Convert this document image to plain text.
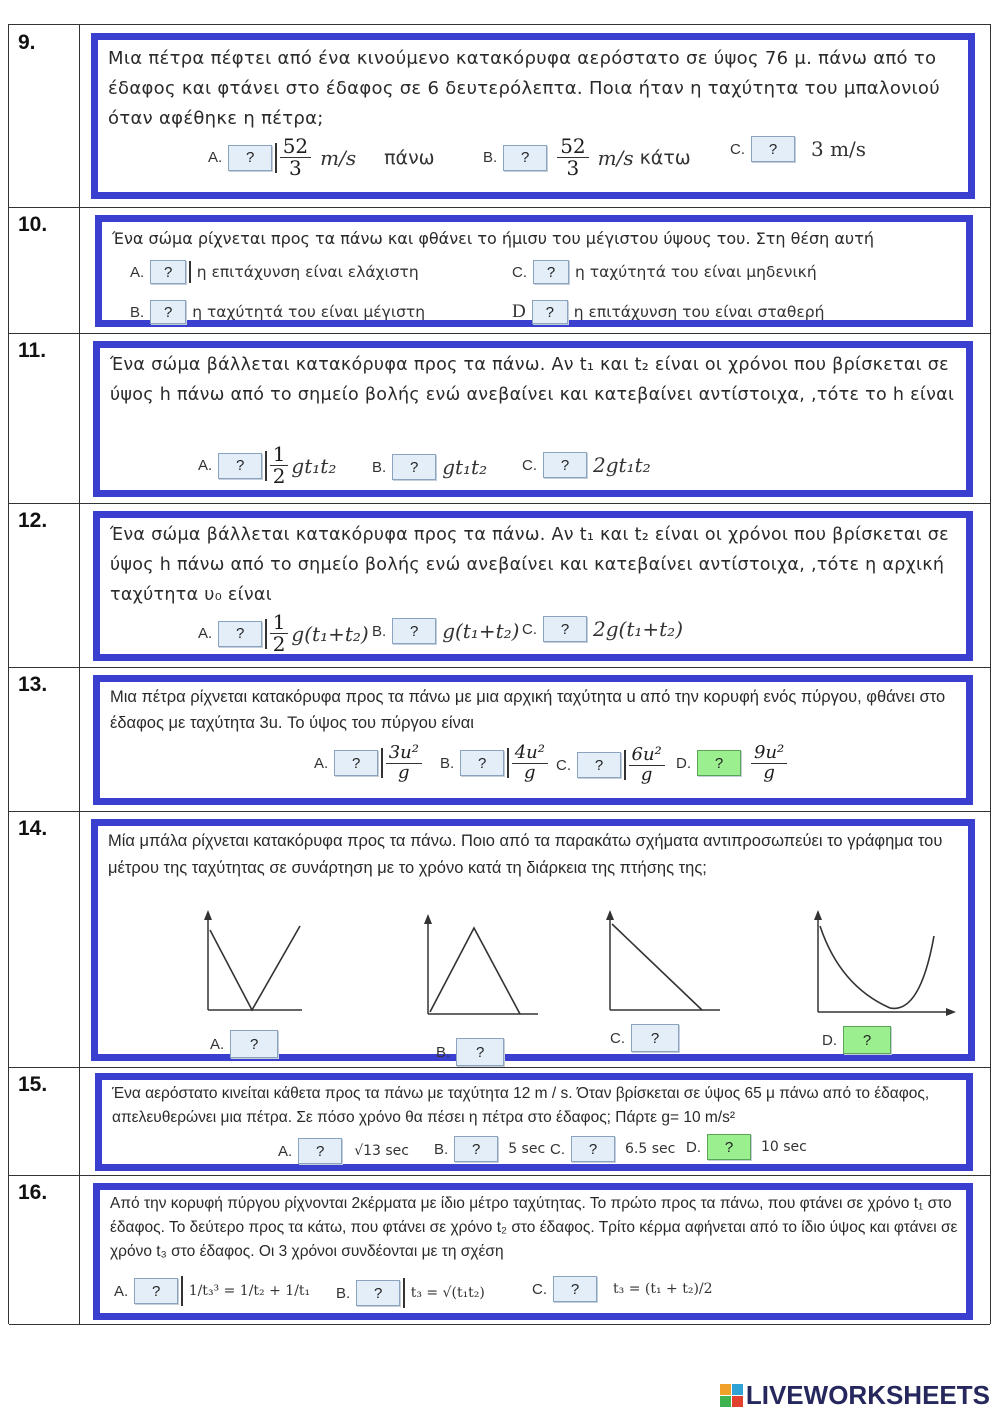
9.

Μια πέτρα πέφτει από ένα κινούμενο κατακόρυφα αερόστατο σε ύψος 76 μ. πάνω από το έδαφος και φτάνει στο έδαφος σε 6 δευτερόλεπτα. Ποια ήταν η ταχύτητα του μπαλονιού όταν αφέθηκε η πέτρα;

A.	?	$\frac{52}{3} m/s$ πάνω	B.	?	$\frac{52}{3} m/s$ κάτω	C.	?	3 m/s
10.

Ένα σώμα ρίχνεται προς τα πάνω και φθάνει το ήμισυ του μέγιστου ύψους του. Στη θέση αυτή

A.	?	η επιτάχυνση είναι ελάχιστη	C.	?	η ταχύτητά του είναι μηδενική
B.	?	η ταχύτητά του είναι μέγιστη	D	?	η επιτάχυνση του είναι σταθερή
11.

Ένα σώμα βάλλεται κατακόρυφα προς τα πάνω. Αν t₁ και t₂ είναι οι χρόνοι που βρίσκεται σε ύψος h πάνω από το σημείο βολής ενώ ανεβαίνει και κατεβαίνει αντίστοιχα, ,τότε το h είναι

A.	?	$\frac{1}{2} gt_1t_2$ B.	?	gt₁t₂ C.	?	2gt₁t₂
12.

Ένα σώμα βάλλεται κατακόρυφα προς τα πάνω. Αν t₁ και t₂ είναι οι χρόνοι που βρίσκεται σε ύψος h πάνω από το σημείο βολής ενώ ανεβαίνει και κατεβαίνει αντίστοιχα, ,τότε η αρχική ταχύτητα υ₀ είναι

A.	?	$\frac{1}{2} g(t_1+t_2)$ B.	?	g(t₁+t₂) C.	?	2g(t₁+t₂)
13.

Μια πέτρα ρίχνεται κατακόρυφα προς τα πάνω με μια αρχική ταχύτητα u από την κορυφή ενός πύργου, φθάνει στο έδαφος με ταχύτητα 3u. Το ύψος του πύργου είναι

A.	?	$\frac{\text{3u²}}{g} B$.	?	$\frac{\text{4u²}}{g} C$.	?	$\frac{\text{6u²}}{g} D$.	?	$\frac{\text{9u²}}{g}$
14.

Μία μπάλα ρίχνεται κατακόρυφα προς τα πάνω. Ποιο από τα παρακάτω σχήματα αντιπροσωπεύει το γράφημα του μέτρου της ταχύτητας σε συνάρτηση με το χρόνο κατά τη διάρκεια της πτήσης της;

A.	?	B.	?
C.	?	D.	?
15.	Ένα αερόστατο κινείται κάθετα προς τα πάνω με ταχύτητα 12 m / s. Όταν βρίσκεται σε ύψος 65 μ πάνω από το έδαφος, απελευθερώνει μια πέτρα. Σε πόσο χρόνο θα πέσει η πέτρα στο έδαφος; Πάρτε g= 10 m/s²

A.	?	√13 sec B.	?	5 sec C.	?	6.5 sec D.	?	10 sec
16.	Από την κορυφή πύργου ρίχνονται 2κέρματα με ίδιο μέτρο ταχύτητας. Το πρώτο προς τα πάνω, που φτάνει σε χρόνο t₁ στο έδαφος. Το δεύτερο προς τα κάτω, που φτάνει σε χρόνο t₂ στο έδαφος. Τρίτο κέρμα αφήνεται από το ίδιο ύψος και φτάνει σε χρόνο t₃ στο έδαφος. Οι 3 χρόνοι συνδέονται με τη σχέση

A.	?	1/t₃³ = 1/t₂ + 1/t₁ B.	?	t₃ = √(t₁t₂)	C.	?	t₃ = (t₁ + t₂)/2
LIVEWORKSHEETS
